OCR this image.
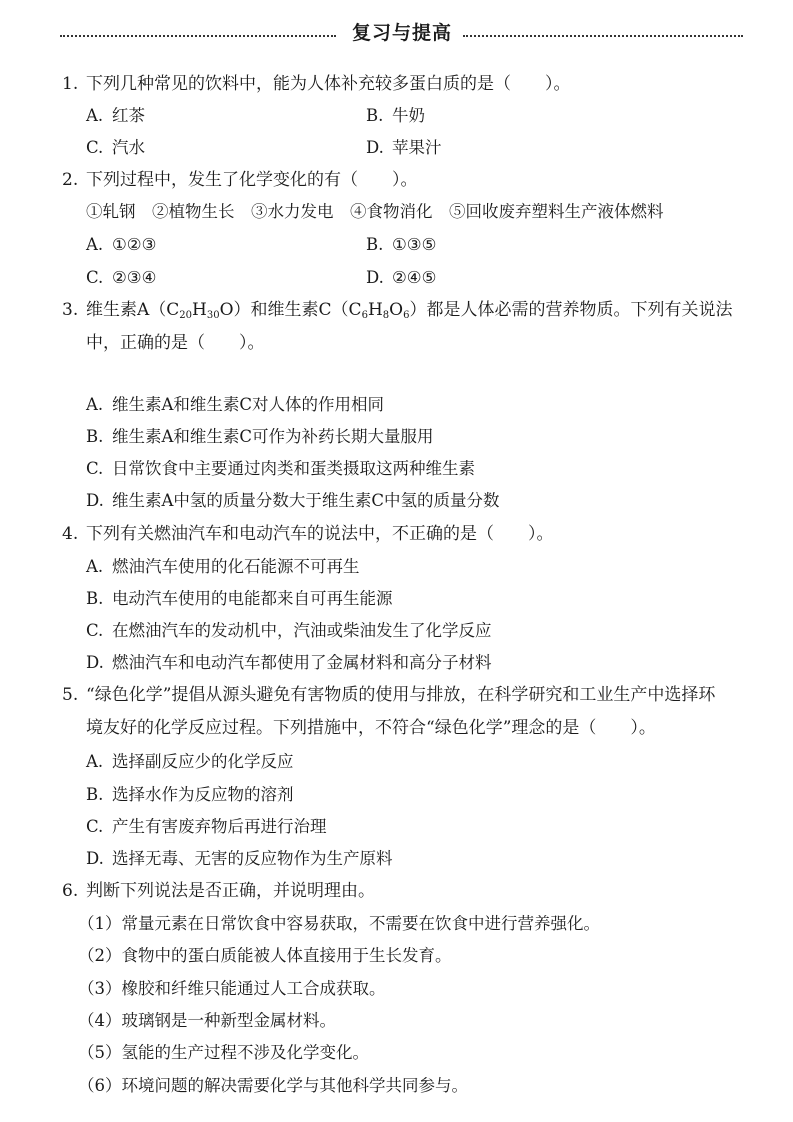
复习与提高
1. 下列几种常见的饮料中，能为人体补充较多蛋白质的是（　　）。
A. 红茶	B. 牛奶
C. 汽水	D. 苹果汁
2. 下列过程中，发生了化学变化的有（　　）。
①轧钢　②植物生长　③水力发电　④食物消化　⑤回收废弃塑料生产液体燃料
A. ①②③	B. ①③⑤
C. ②③④	D. ②④⑤
3. 维生素$A(C_{20}H_{30}O)$和维生素$C(C_6H_8O_6)$都是人体必需的营养物质。下列有关说法
中，正确的是（　　）。
A. 维生素A和维生素C对人体的作用相同
B. 维生素A和维生素C可作为补药长期大量服用
C. 日常饮食中主要通过肉类和蛋类摄取这两种维生素
D. 维生素A中氢的质量分数大于维生素C中氢的质量分数
4. 下列有关燃油汽车和电动汽车的说法中，不正确的是（　　）。
A. 燃油汽车使用的化石能源不可再生
B. 电动汽车使用的电能都来自可再生能源
C. 在燃油汽车的发动机中，汽油或柴油发生了化学反应
D. 燃油汽车和电动汽车都使用了金属材料和高分子材料
5. “绿色化学”提倡从源头避免有害物质的使用与排放，在科学研究和工业生产中选择环
境友好的化学反应过程。下列措施中，不符合“绿色化学”理念的是（　　）。
A. 选择副反应少的化学反应
B. 选择水作为反应物的溶剂
C. 产生有害废弃物后再进行治理
D. 选择无毒、无害的反应物作为生产原料
6. 判断下列说法是否正确，并说明理由。
（1）常量元素在日常饮食中容易获取，不需要在饮食中进行营养强化。
（2）食物中的蛋白质能被人体直接用于生长发育。
（3）橡胶和纤维只能通过人工合成获取。
（4）玻璃钢是一种新型金属材料。
（5）氢能的生产过程不涉及化学变化。
（6）环境问题的解决需要化学与其他科学共同参与。
